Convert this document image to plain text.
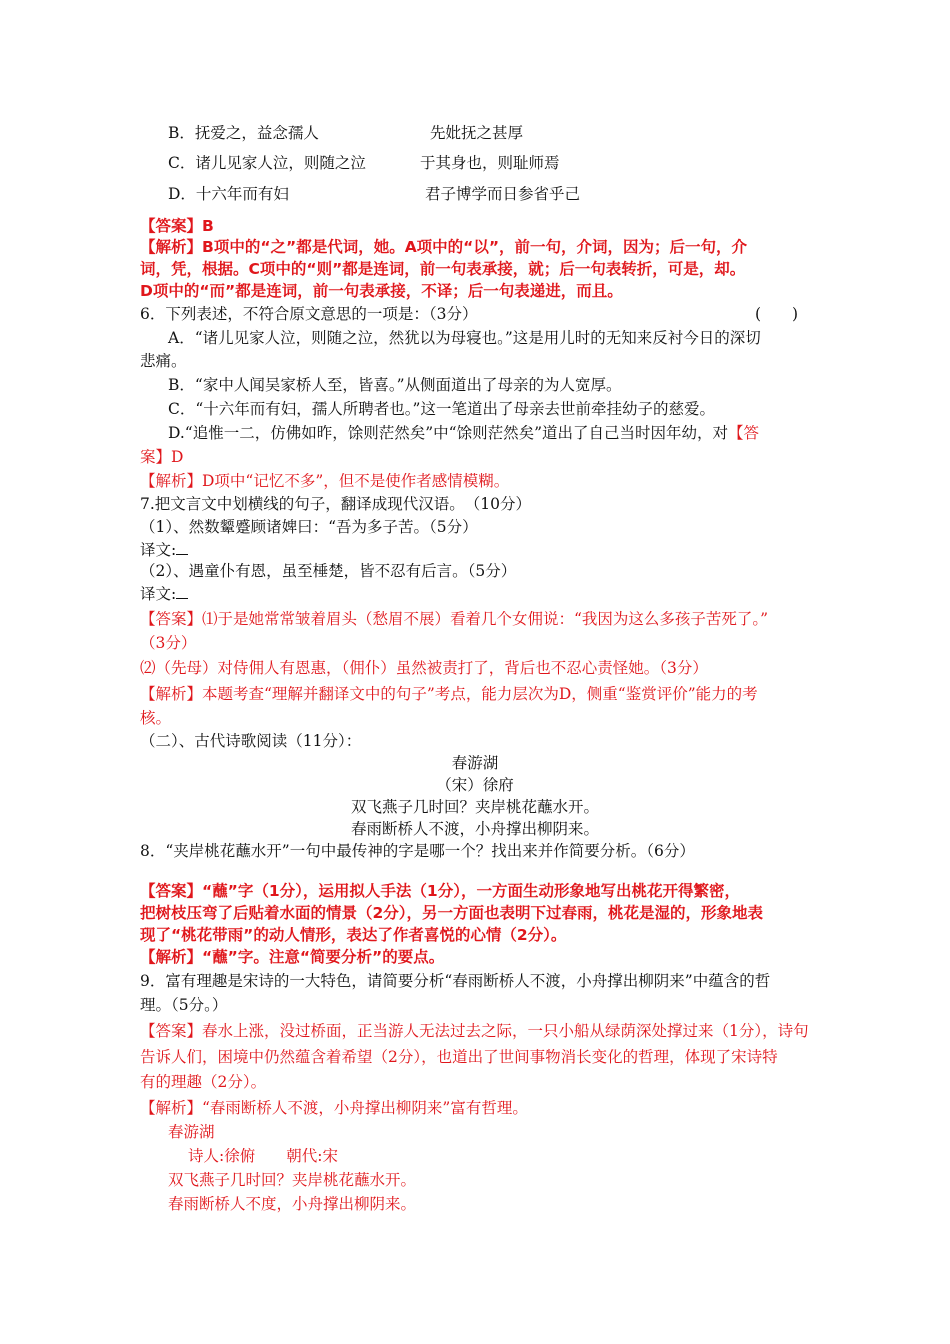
B．抚爱之，益念孺人	先妣抚之甚厚
C．诸儿见家人泣，则随之泣	于其身也，则耻师焉
D．十六年而有妇	君子博学而日参省乎己
【答案】B
【解析】B项中的“之”都是代词，她。A项中的“以”，前一句，介词，因为；后一句，介
词，凭，根据。C项中的“则”都是连词，前一句表承接，就；后一句表转折，可是，却。
D项中的“而”都是连词，前一句表承接，不译；后一句表递进，而且。
6．下列表述，不符合原文意思的一项是：（3分）	(　　)
A．“诸儿见家人泣，则随之泣，然犹以为母寝也。”这是用儿时的无知来反衬今日的深切
悲痛。
B．“家中人闻吴家桥人至，皆喜。”从侧面道出了母亲的为人宽厚。
C．“十六年而有妇，孺人所聘者也。”这一笔道出了母亲去世前牵挂幼子的慈爱。
D.“追惟一二，仿佛如昨，馀则茫然矣”中“馀则茫然矣”道出了自己当时因年幼，对【答
案】D
【解析】D项中“记忆不多”，但不是使作者感情模糊。
7.把文言文中划横线的句子，翻译成现代汉语。　（10分）
（1）、然数颦蹙顾诸婢曰：“吾为多子苦。（5分）
译文:
（2）、遇童仆有恩，虽至棰楚，皆不忍有后言。（5分）
译文:
【答案】⑴于是她常常皱着眉头（愁眉不展）看着几个女佣说：“我因为这么多孩子苦死了。”
（3分）
⑵（先母）对侍佣人有恩惠，（佣仆）虽然被责打了，背后也不忍心责怪她。（3分）
【解析】本题考查“理解并翻译文中的句子”考点，能力层次为D，侧重“鉴赏评价”能力的考
核。
（二）、古代诗歌阅读（11分）：
春游湖
（宋）徐府
双飞燕子几时回？夹岸桃花蘸水开。
春雨断桥人不渡，小舟撑出柳阴来。
8．“夹岸桃花蘸水开”一句中最传神的字是哪一个？找出来并作简要分析。（6分）
【答案】“蘸”字（1分），运用拟人手法（1分），一方面生动形象地写出桃花开得繁密，
把树枝压弯了后贴着水面的情景（2分），另一方面也表明下过春雨，桃花是湿的，形象地表
现了“桃花带雨”的动人情形，表达了作者喜悦的心情（2分）。
【解析】“蘸”字。注意“简要分析”的要点。
9．富有理趣是宋诗的一大特色，请简要分析“春雨断桥人不渡，小舟撑出柳阴来”中蕴含的哲
理。（5分。）
【答案】春水上涨，没过桥面，正当游人无法过去之际，一只小船从绿荫深处撑过来（1分），诗句
告诉人们，困境中仍然蕴含着希望（2分），也道出了世间事物消长变化的哲理，体现了宋诗特
有的理趣（2分）。
【解析】“春雨断桥人不渡，小舟撑出柳阴来”富有哲理。
春游湖
诗人:徐俯　　朝代:宋
双飞燕子几时回？夹岸桃花蘸水开。
春雨断桥人不度，小舟撑出柳阴来。
